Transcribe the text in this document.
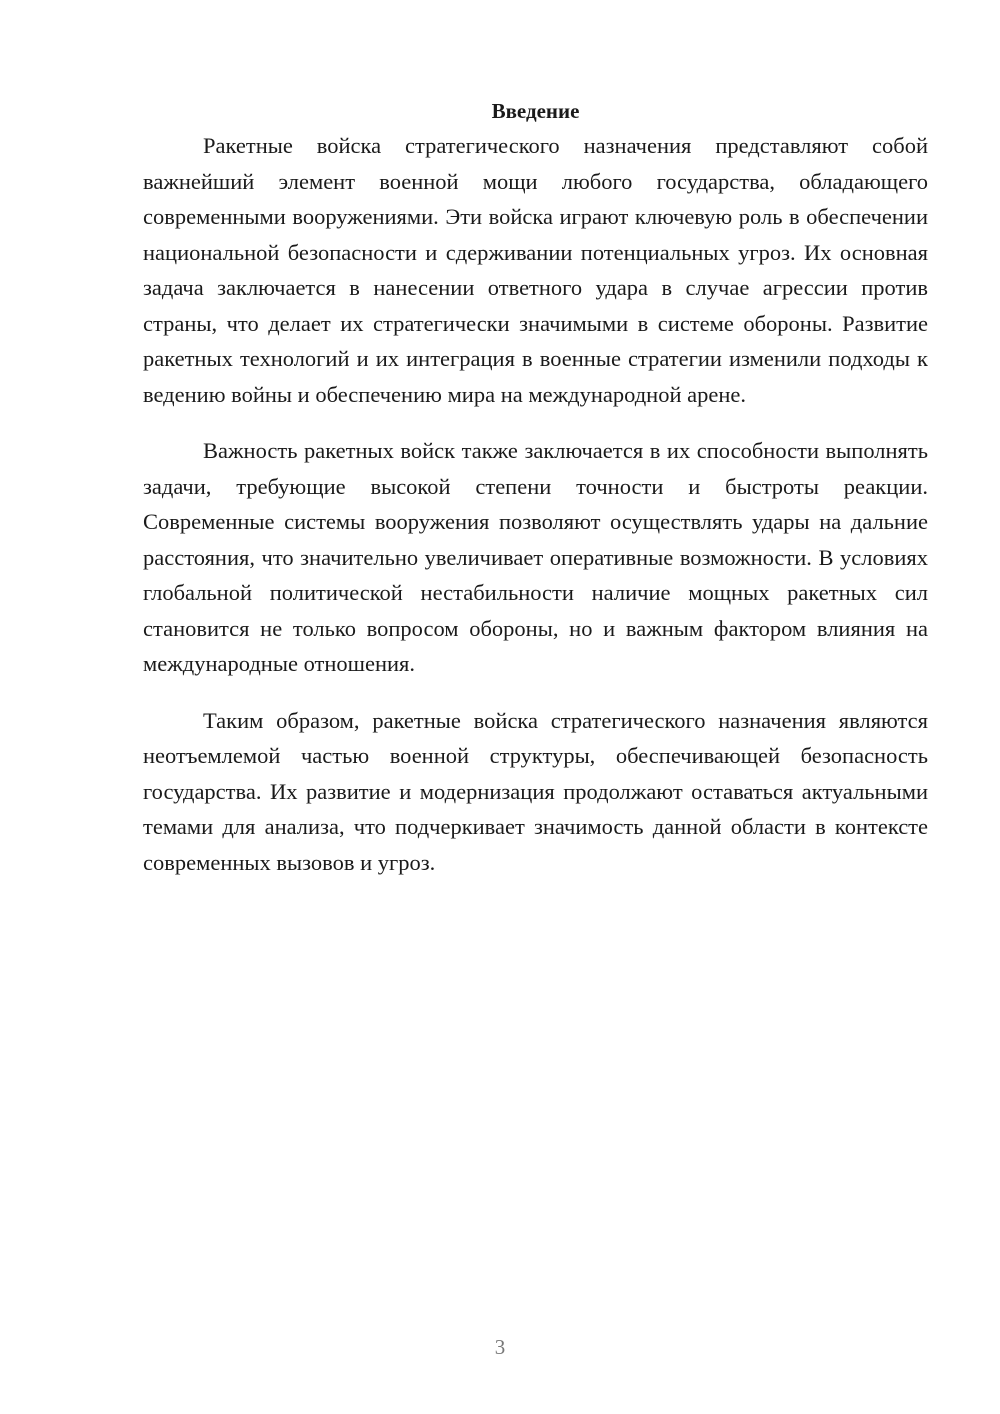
Введение

Ракетные войска стратегического назначения представляют собой важнейший элемент военной мощи любого государства, обладающего современными вооружениями. Эти войска играют ключевую роль в обеспечении национальной безопасности и сдерживании потенциальных угроз. Их основная задача заключается в нанесении ответного удара в случае агрессии против страны, что делает их стратегически значимыми в системе обороны. Развитие ракетных технологий и их интеграция в военные стратегии изменили подходы к ведению войны и обеспечению мира на международной арене.

Важность ракетных войск также заключается в их способности выполнять задачи, требующие высокой степени точности и быстроты реакции. Современные системы вооружения позволяют осуществлять удары на дальние расстояния, что значительно увеличивает оперативные возможности. В условиях глобальной политической нестабильности наличие мощных ракетных сил становится не только вопросом обороны, но и важным фактором влияния на международные отношения.

Таким образом, ракетные войска стратегического назначения являются неотъемлемой частью военной структуры, обеспечивающей безопасность государства. Их развитие и модернизация продолжают оставаться актуальными темами для анализа, что подчеркивает значимость данной области в контексте современных вызовов и угроз.

3
